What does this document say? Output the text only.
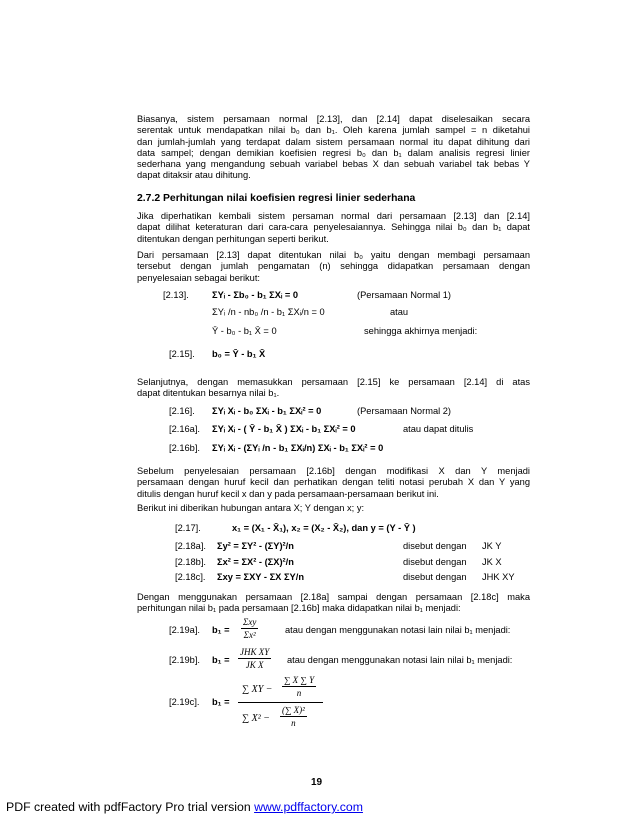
Biasanya, sistem persamaan normal [2.13], dan [2.14] dapat diselesaikan secara
serentak untuk mendapatkan nilai b₀ dan b₁. Oleh karena jumlah sampel = n diketahui
dan jumlah-jumlah yang terdapat dalam sistem persamaan normal itu dapat dihitung dari
data sampel; dengan demikian koefisien regresi b₀ dan b₁ dalam analisis regresi linier
sederhana yang mengandung sebuah variabel bebas X dan sebuah variabel tak bebas Y
dapat ditaksir atau dihitung.
2.7.2 Perhitungan nilai koefisien regresi linier sederhana
Jika diperhatikan kembali sistem persaman normal dari persamaan [2.13] dan [2.14]
dapat dilihat keteraturan dari cara-cara penyelesaiannya. Sehingga nilai b₀ dan b₁ dapat
ditentukan dengan perhitungan seperti berikut.
Dari persamaan [2.13] dapat ditentukan nilai b₀ yaitu dengan membagi persamaan
tersebut dengan jumlah pengamatan (n) sehingga didapatkan persamaan dengan
penyelesaian sebagai berikut:
[2.13]. ΣYᵢ - Σb₀ - b₁ ΣXᵢ = 0	(Persamaan Normal 1)
ΣYᵢ /n - nb₀ /n - b₁ ΣXᵢ/n = 0	atau
Ȳ - b₀ - b₁ X̄ = 0	sehingga akhirnya menjadi:
[2.15]. b₀ = Ȳ - b₁ X̄
Selanjutnya, dengan memasukkan persamaan [2.15] ke persamaan [2.14] di atas
dapat ditentukan besarnya nilai b₁.
[2.16]. ΣYᵢ Xᵢ - b₀ ΣXᵢ - b₁ ΣXᵢ² = 0	(Persamaan Normal 2)
[2.16a]. ΣYᵢ Xᵢ - ( Ȳ - b₁ X̄ ) ΣXᵢ - b₁ ΣXᵢ² = 0	atau dapat ditulis
[2.16b]. ΣYᵢ Xᵢ - (ΣYᵢ /n - b₁ ΣXᵢ/n) ΣXᵢ - b₁ ΣXᵢ² = 0
Sebelum penyelesaian persamaan [2.16b] dengan modifikasi X dan Y menjadi
persamaan dengan huruf kecil dan perhatikan dengan teliti notasi perubah X dan Y yang
ditulis dengan huruf kecil x dan y pada persamaan-persamaan berikut ini.
Berikut ini diberikan hubungan antara X; Y dengan x; y:
[2.17].	x₁ = (X₁ - X̄₁), x₂ = (X₂ - X̄₂), dan y = (Y - Ȳ )
[2.18a]. Σy² = ΣY² - (ΣY)²/n	disebut dengan JK Y
[2.18b]. Σx² = ΣX² - (ΣX)²/n	disebut dengan JK X
[2.18c]. Σxy = ΣXY - ΣX ΣY/n	disebut dengan JHK XY
Dengan menggunakan persamaan [2.18a] sampai dengan persamaan [2.18c] maka
perhitungan nilai b₁ pada persamaan [2.16b] maka didapatkan nilai b₁ menjadi:
[2.19a]. b₁ =
Σxy
Σx²	atau dengan menggunakan notasi lain nilai b₁ menjadi:
[2.19b]. b₁ =
JHK XY
JK X	atau dengan menggunakan notasi lain nilai b₁ menjadi:
[2.19c]. b₁ =
∑ XY − $\frac{\sum X \sum Y}{n}$
∑ $X^2 - \frac{\text{(∑ X)²}}{n}$
19
PDF created with pdfFactory Pro trial version www.pdffactory.com
